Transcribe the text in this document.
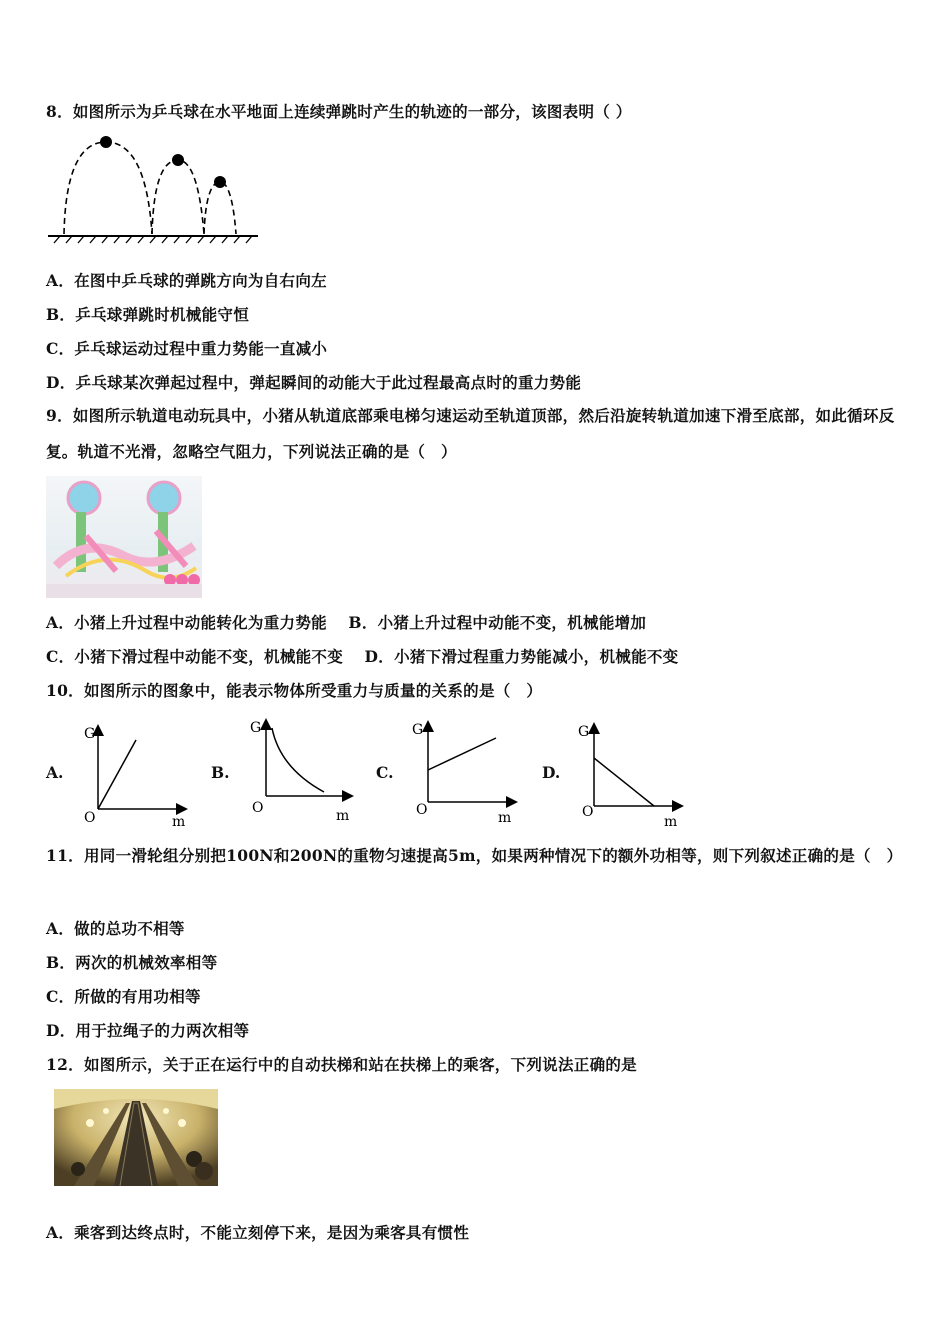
8．如图所示为乒乓球在水平地面上连续弹跳时产生的轨迹的一部分，该图表明（ ）
A．在图中乒乓球的弹跳方向为自右向左
B．乒乓球弹跳时机械能守恒
C．乒乓球运动过程中重力势能一直减小
D．乒乓球某次弹起过程中，弹起瞬间的动能大于此过程最高点时的重力势能
9．如图所示轨道电动玩具中，小猪从轨道底部乘电梯匀速运动至轨道顶部，然后沿旋转轨道加速下滑至底部，如此循环反复。轨道不光滑，忽略空气阻力，下列说法正确的是（　）
A．小猪上升过程中动能转化为重力势能　 B．小猪上升过程中动能不变，机械能增加
C．小猪下滑过程中动能不变，机械能不变　 D．小猪下滑过程重力势能减小，机械能不变
10．如图所示的图象中，能表示物体所受重力与质量的关系的是（　）
A.	B.	C.	D.
G
O	m
G
O	m
G
O	m
G
O
m
11．用同一滑轮组分别把100N和200N的重物匀速提高5m，如果两种情况下的额外功相等，则下列叙述正确的是（　）
A．做的总功不相等
B．两次的机械效率相等
C．所做的有用功相等
D．用于拉绳子的力两次相等
12．如图所示，关于正在运行中的自动扶梯和站在扶梯上的乘客，下列说法正确的是
A．乘客到达终点时，不能立刻停下来，是因为乘客具有惯性
